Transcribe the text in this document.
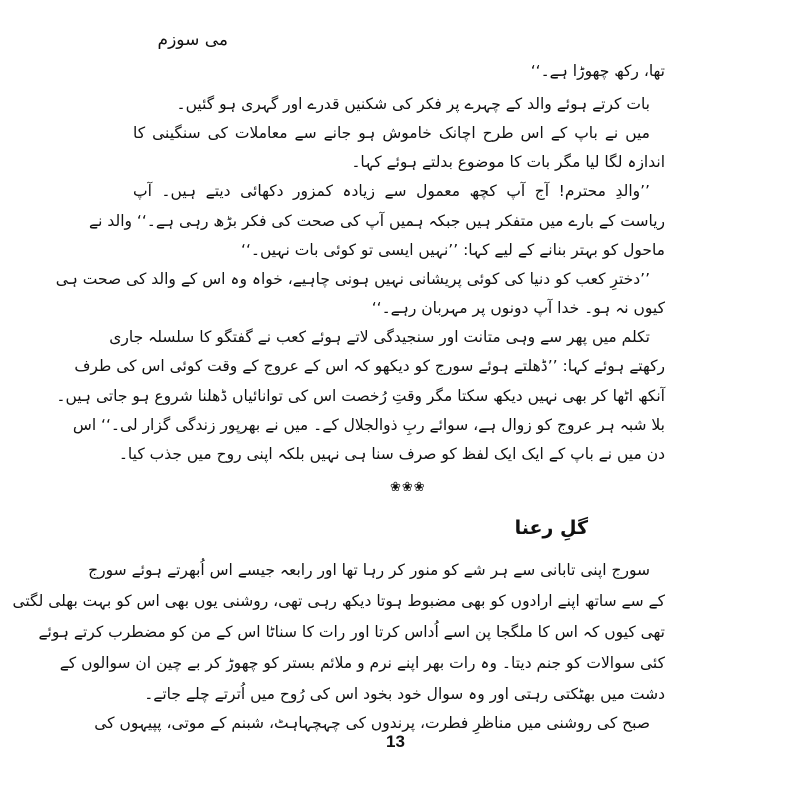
می سوزم
تھا، رکھ چھوڑا ہے۔‘‘
بات کرتے ہوئے والد کے چہرے پر فکر کی شکنیں قدرے اور گہری ہو گئیں۔
میں نے باپ کے اس طرح اچانک خاموش ہو جانے سے معاملات کی سنگینی کا
اندازہ لگا لیا مگر بات کا موضوع بدلتے ہوئے کہا۔
’’والدِ محترم! آج آپ کچھ معمول سے زیادہ کمزور دکھائی دیتے ہیں۔ آپ
ریاست کے بارے میں متفکر ہیں جبکہ ہمیں آپ کی صحت کی فکر بڑھ رہی ہے۔‘‘ والد نے
ماحول کو بہتر بنانے کے لیے کہا: ’’نہیں ایسی تو کوئی بات نہیں۔‘‘
’’دخترِ کعب کو دنیا کی کوئی پریشانی نہیں ہونی چاہیے، خواہ وہ اس کے والد کی صحت ہی
کیوں نہ ہو۔ خدا آپ دونوں پر مہربان رہے۔‘‘
تکلم میں پھر سے وہی متانت اور سنجیدگی لاتے ہوئے کعب نے گفتگو کا سلسلہ جاری
رکھتے ہوئے کہا: ’’ڈھلتے ہوئے سورج کو دیکھو کہ اس کے عروج کے وقت کوئی اس کی طرف
آنکھ اٹھا کر بھی نہیں دیکھ سکتا مگر وقتِ رُخصت اس کی توانائیاں ڈھلنا شروع ہو جاتی ہیں۔
بلا شبہ ہر عروج کو زوال ہے، سوائے ربِ ذوالجلال کے۔ میں نے بھرپور زندگی گزار لی۔‘‘ اس
دن میں نے باپ کے ایک ایک لفظ کو صرف سنا ہی نہیں بلکہ اپنی روح میں جذب کیا۔
❀❀❀
گلِ رعنا
سورج اپنی تابانی سے ہر شے کو منور کر رہا تھا اور رابعہ جیسے اس اُبھرتے ہوئے سورج
کے سے ساتھ اپنے ارادوں کو بھی مضبوط ہوتا دیکھ رہی تھی، روشنی یوں بھی اس کو بہت بھلی لگتی
تھی کیوں کہ اس کا ملگجا پن اسے اُداس کرتا اور رات کا سناٹا اس کے من کو مضطرب کرتے ہوئے
کئی سوالات کو جنم دیتا۔ وہ رات بھر اپنے نرم و ملائم بستر کو چھوڑ کر بے چین ان سوالوں کے
دشت میں بھٹکتی رہتی اور وہ سوال خود بخود اس کی رُوح میں اُترتے چلے جاتے۔
صبح کی روشنی میں مناظرِ فطرت، پرندوں کی چہچہاہٹ، شبنم کے موتی، پپیہوں کی
13
